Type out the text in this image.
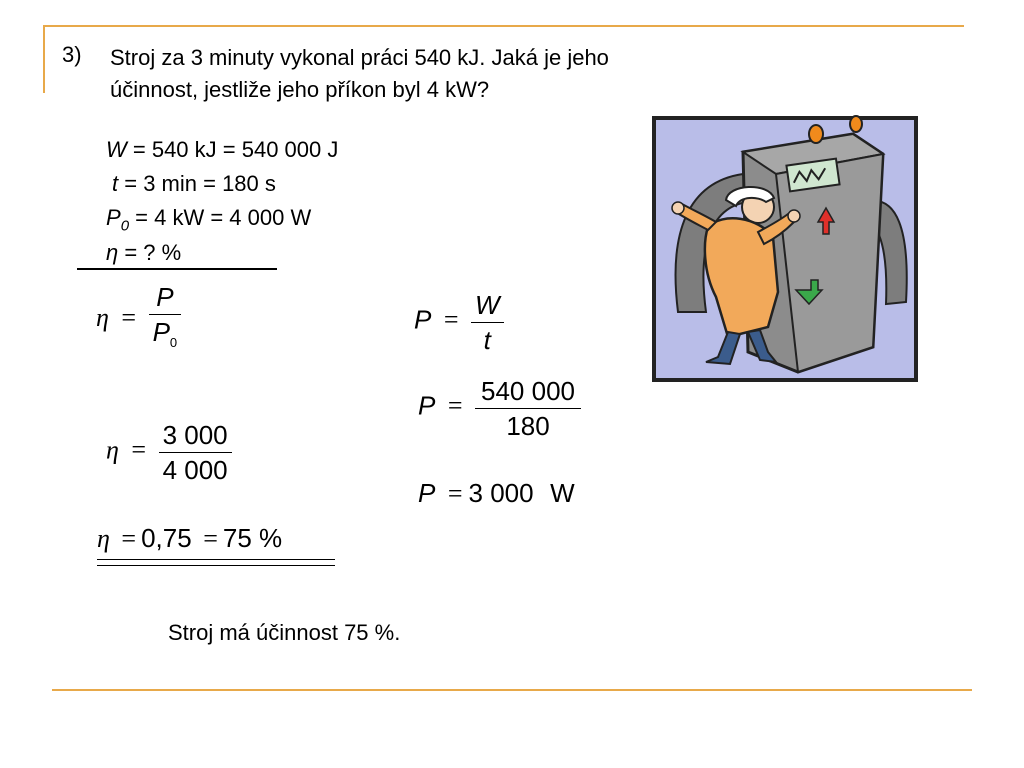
3) Stroj za 3 minuty vykonal práci 540 kJ. Jaká je jeho
účinnost, jestliže jeho příkon byl 4 kW?
W = 540 kJ = 540 000 J
t = 3 min = 180 s
$P_0 = 4$ kW = 4 000 W
η = ? %
$\eta = \frac{P}{P_0}$
$\eta = \frac{3 000}{4 000}$
η = 0,75 = 75 %
$P = \frac{W}{t}$
$P = \frac{540 000}{180}$
P = 3 000 W
Stroj má účinnost 75 %.
